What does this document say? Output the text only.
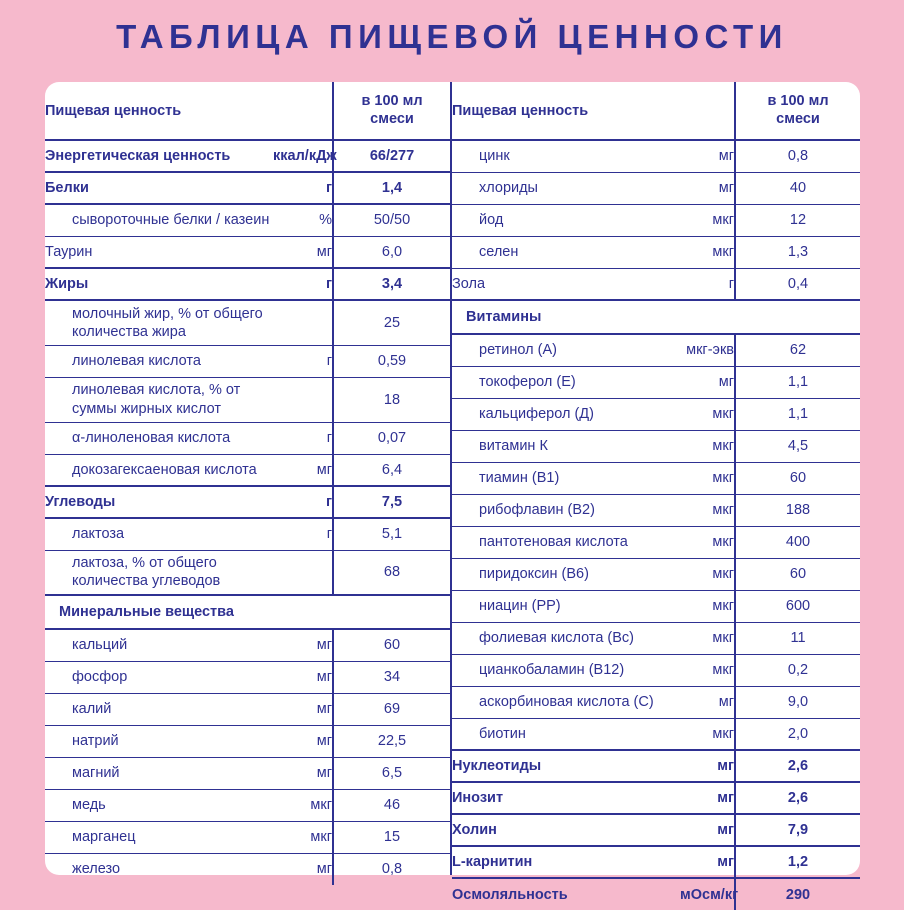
ТАБЛИЦА ПИЩЕВОЙ ЦЕННОСТИ
Пищевая ценность		в 100 мл
смеси

Энергетическая ценность	ккал/кДж	66/277
Белки	г	1,4
сывороточные белки / казеин	%	50/50
Таурин	мг	6,0
Жиры	г	3,4
молочный жир, % от общего количества жира		25
линолевая кислота	г	0,59
линолевая кислота, % от суммы жирных кислот		18
α-линоленовая кислота	г	0,07
докозагексаеновая кислота	мг	6,4
Углеводы	г	7,5
лактоза	г	5,1
лактоза, % от общего количества углеводов		68
Минеральные вещества		
кальций	мг	60
фосфор	мг	34
калий	мг	69
натрий	мг	22,5
магний	мг	6,5
медь	мкг	46
марганец	мкг	15
железо	мг	0,8
Пищевая ценность		в 100 мл
смеси

цинк	мг	0,8
хлориды	мг	40
йод	мкг	12
селен	мкг	1,3
Зола	г	0,4
Витамины		
ретинол (А)	мкг-экв	62
токоферол (Е)	мг	1,1
кальциферол (Д)	мкг	1,1
витамин К	мкг	4,5
тиамин (В1)	мкг	60
рибофлавин (В2)	мкг	188
пантотеновая кислота	мкг	400
пиридоксин (В6)	мкг	60
ниацин (РР)	мкг	600
фолиевая кислота (Вс)	мкг	11
цианкобаламин (В12)	мкг	0,2
аскорбиновая кислота (С)	мг	9,0
биотин	мкг	2,0
Нуклеотиды	мг	2,6
Инозит	мг	2,6
Холин	мг	7,9
L-карнитин	мг	1,2
Осмоляльность	мОсм/кг	290
